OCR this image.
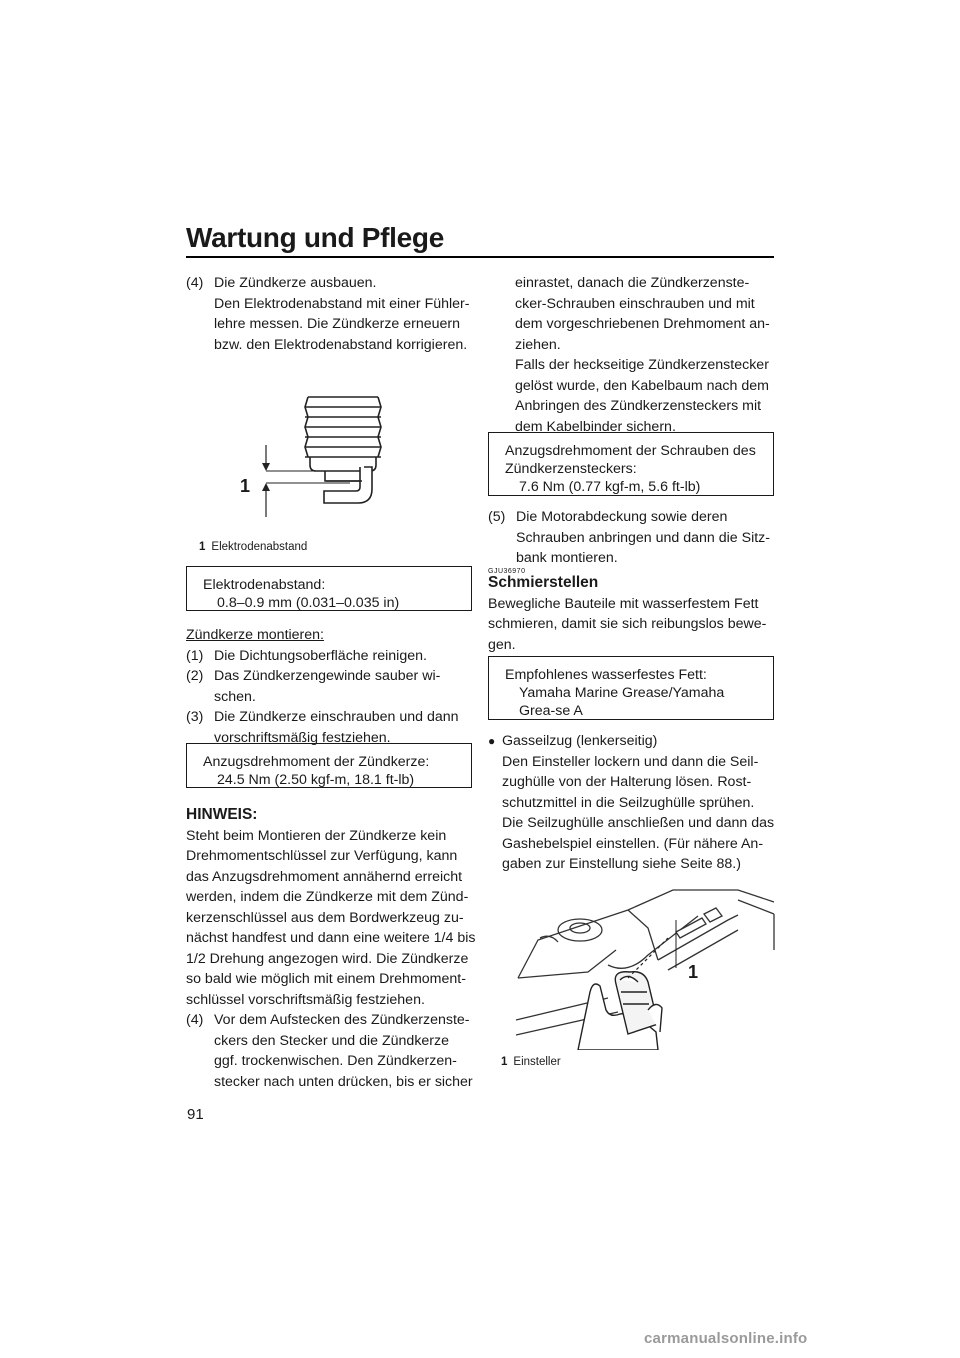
Wartung und Pflege
(4) Die Zündkerze ausbauen.

Den Elektrodenabstand mit einer Fühler-lehre messen. Die Zündkerze erneuern bzw. den Elektrodenabstand korrigieren.

1
1 Elektrodenabstand
Elektrodenabstand:
0.8–0.9 mm (0.031–0.035 in)

Zündkerze montieren:

(1) Die Dichtungsoberfläche reinigen.

(2) Das Zündkerzengewinde sauber wi-schen.

(3) Die Zündkerze einschrauben und dann vorschriftsmäßig festziehen.

Anzugsdrehmoment der Zündkerze:
24.5 Nm (2.50 kgf-m, 18.1 ft-lb)

HINWEIS:

Steht beim Montieren der Zündkerze kein Drehmomentschlüssel zur Verfügung, kann das Anzugsdrehmoment annähernd erreicht werden, indem die Zündkerze mit dem Zünd-kerzenschlüssel aus dem Bordwerkzeug zu-nächst handfest und dann eine weitere 1/4 bis 1/2 Drehung angezogen wird. Die Zündkerze so bald wie möglich mit einem Drehmoment-schlüssel vorschriftsmäßig festziehen.

(4) Vor dem Aufstecken des Zündkerzenste-ckers den Stecker und die Zündkerze ggf. trockenwischen. Den Zündkerzen-stecker nach unten drücken, bis er sicher

einrastet, danach die Zündkerzenste-cker-Schrauben einschrauben und mit dem vorgeschriebenen Drehmoment an-ziehen.

Falls der heckseitige Zündkerzenstecker gelöst wurde, den Kabelbaum nach dem Anbringen des Zündkerzensteckers mit dem Kabelbinder sichern.

Anzugsdrehmoment der Schrauben des Zündkerzensteckers:
7.6 Nm (0.77 kgf-m, 5.6 ft-lb)
(5) Die Motorabdeckung sowie deren Schrauben anbringen und dann die Sitz-bank montieren.

GJU36970

Schmierstellen

Bewegliche Bauteile mit wasserfestem Fett schmieren, damit sie sich reibungslos bewe-gen.

Empfohlenes wasserfestes Fett:
Yamaha Marine Grease/Yamaha Grea-se A
● Gasseilzug (lenkerseitig)

Den Einsteller lockern und dann die Seil-zughülle von der Halterung lösen. Rost-schutzmittel in die Seilzughülle sprühen. Die Seilzughülle anschließen und dann das Gashebelspiel einstellen. (Für nähere An-gaben zur Einstellung siehe Seite 88.)

1
1 Einsteller
91
carmanualsonline.info
